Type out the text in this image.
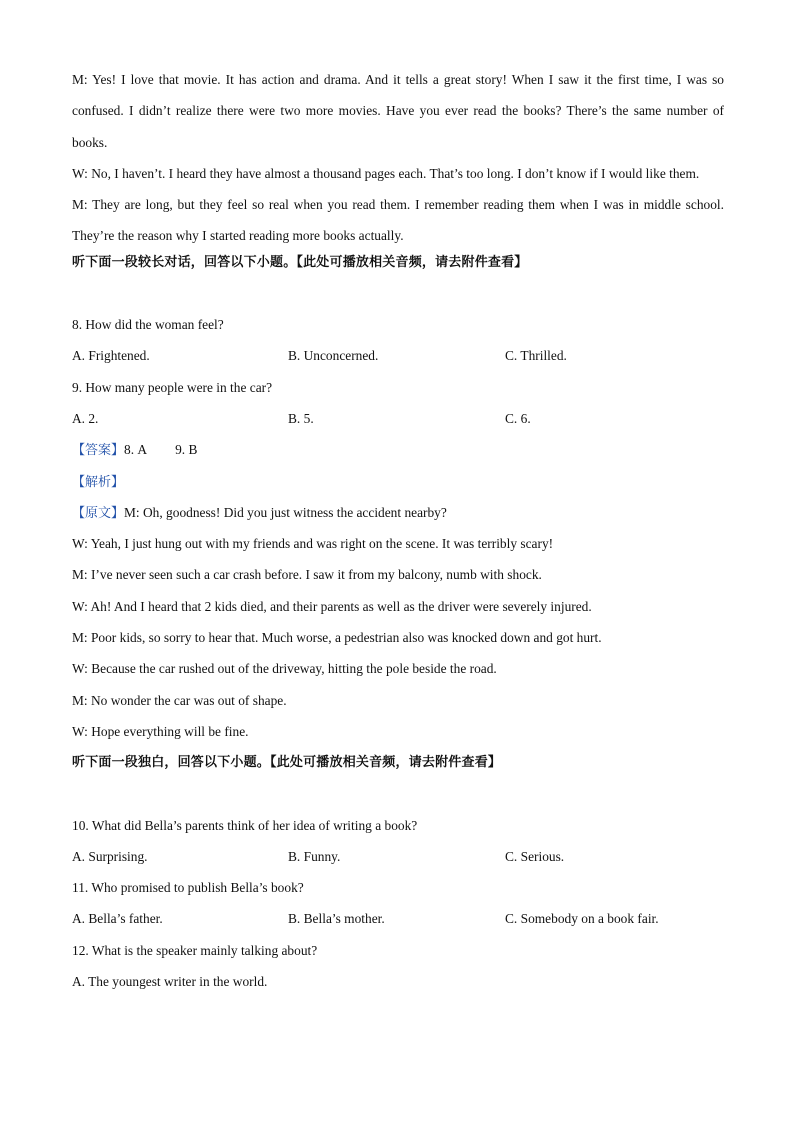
M: Yes! I love that movie. It has action and drama. And it tells a great story! When I saw it the first time, I was so confused. I didn’t realize there were two more movies. Have you ever read the books? There’s the same number of books.
W: No, I haven’t. I heard they have almost a thousand pages each. That’s too long. I don’t know if I would like them.
M: They are long, but they feel so real when you read them. I remember reading them when I was in middle school. They’re the reason why I started reading more books actually.
听下面一段较长对话，回答以下小题。【此处可播放相关音频，请去附件查看】
8. How did the woman feel?
A. Frightened.	B. Unconcerned.	C. Thrilled.
9. How many people were in the car?
A. 2.	B. 5.	C. 6.
【答案】8. A 9. B
【解析】
【原文】M: Oh, goodness! Did you just witness the accident nearby?
W: Yeah, I just hung out with my friends and was right on the scene. It was terribly scary!
M: I’ve never seen such a car crash before. I saw it from my balcony, numb with shock.
W: Ah! And I heard that 2 kids died, and their parents as well as the driver were severely injured.
M: Poor kids, so sorry to hear that. Much worse, a pedestrian also was knocked down and got hurt.
W: Because the car rushed out of the driveway, hitting the pole beside the road.
M: No wonder the car was out of shape.
W: Hope everything will be fine.
听下面一段独白，回答以下小题。【此处可播放相关音频，请去附件查看】
10. What did Bella’s parents think of her idea of writing a book?
A. Surprising.	B. Funny.	C. Serious.
11. Who promised to publish Bella’s book?
A. Bella’s father.	B. Bella’s mother.	C. Somebody on a book fair.
12. What is the speaker mainly talking about?
A. The youngest writer in the world.
